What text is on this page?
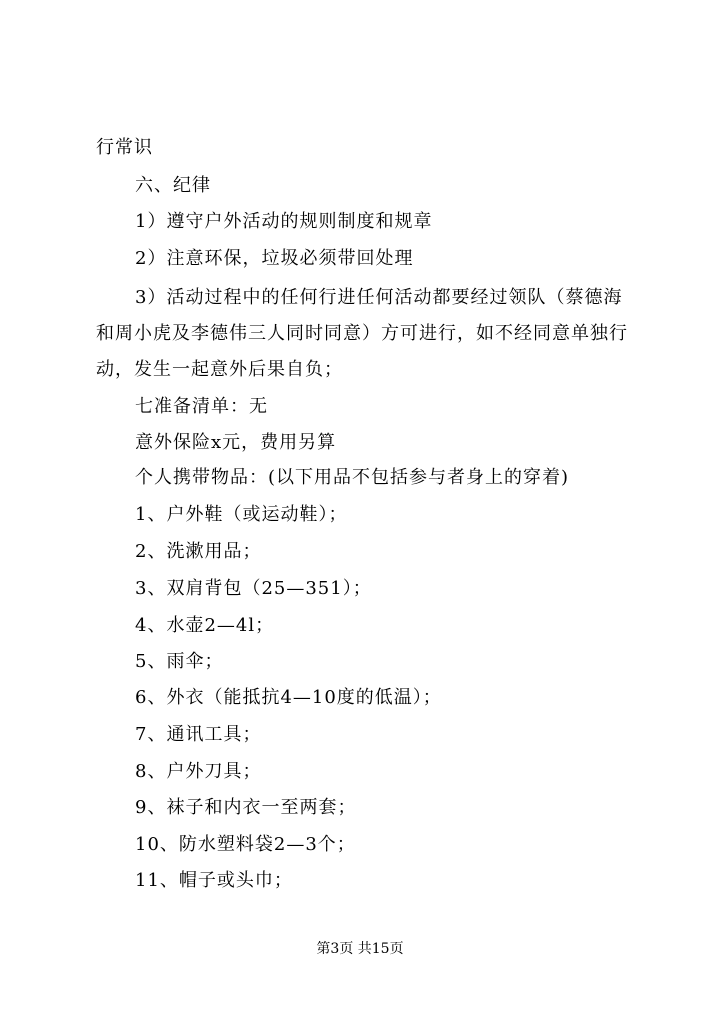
行常识
六、纪律
1）遵守户外活动的规则制度和规章
2）注意环保，垃圾必须带回处理
3）活动过程中的任何行进任何活动都要经过领队（蔡德海
和周小虎及李德伟三人同时同意）方可进行，如不经同意单独行
动，发生一起意外后果自负；
七准备清单：无
意外保险x元，费用另算
个人携带物品：(以下用品不包括参与者身上的穿着)
1、户外鞋（或运动鞋）；
2、洗漱用品；
3、双肩背包（25—351）；
4、水壶2—4l；
5、雨伞；
6、外衣（能抵抗4—10度的低温）；
7、通讯工具；
8、户外刀具；
9、袜子和内衣一至两套；
10、防水塑料袋2—3个；
11、帽子或头巾；
第3页 共15页
